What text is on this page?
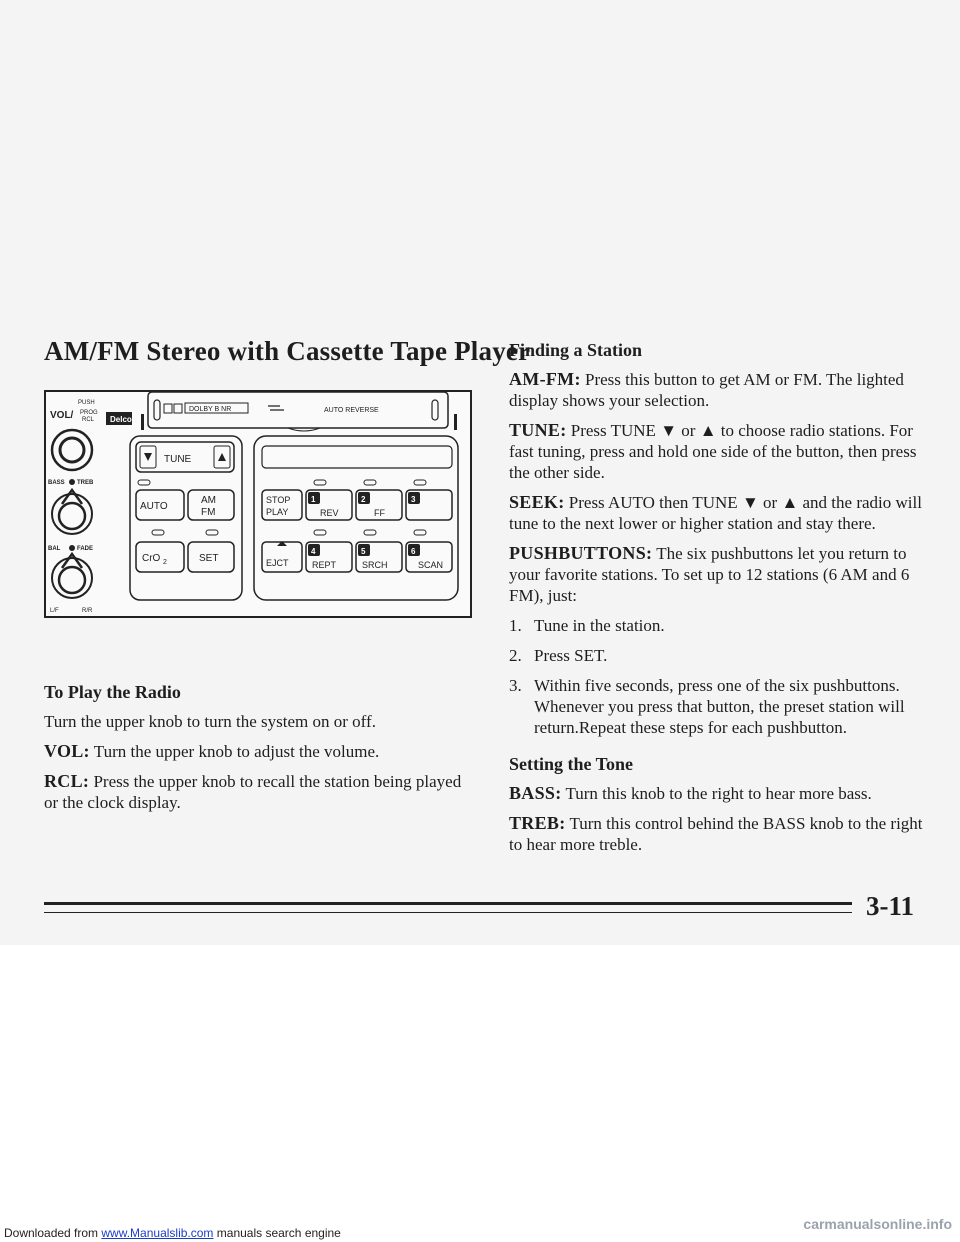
AM/FM Stereo with Cassette Tape Player
PUSH
VOL/ PROG
RCL Delco
DOLBY B NR	AUTO REVERSE
BASS TREB
BAL	FADE
L/F	R/R
TUNE
AUTO
AM
FM
CrO 2	SET
STOP
PLAY
1
REV
2
FF
3
EJCT
4
REPT
5
SRCH
6
SCAN
To Play the Radio

Turn the upper knob to turn the system on or off.

VOL: Turn the upper knob to adjust the volume.

RCL: Press the upper knob to recall the station being played or the clock display.

Finding a Station

AM-FM: Press this button to get AM or FM. The lighted display shows your selection.

TUNE: Press TUNE ▼ or ▲ to choose radio stations. For fast tuning, press and hold one side of the button, then press the other side.

SEEK: Press AUTO then TUNE ▼ or ▲ and the radio will tune to the next lower or higher station and stay there.

PUSHBUTTONS: The six pushbuttons let you return to your favorite stations. To set up to 12 stations (6 AM and 6 FM), just:

1. Tune in the station.
2. Press SET.
3. Within five seconds, press one of the six pushbuttons. Whenever you press that button, the preset station will return.Repeat these steps for each pushbutton.
Setting the Tone

BASS: Turn this knob to the right to hear more bass.

TREB: Turn this control behind the BASS knob to the right to hear more treble.

3-11
Downloaded from www.Manualslib.com manuals search engine
carmanualsonline.info
